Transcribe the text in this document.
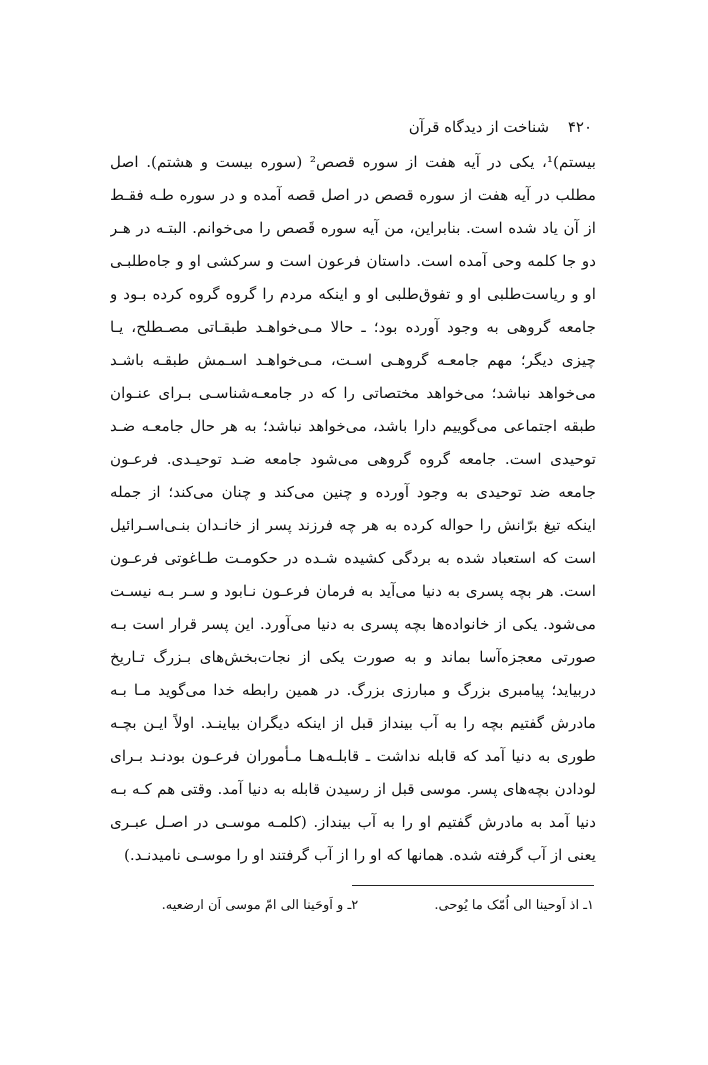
۴۲۰ شناخت از دیدگاه قرآن
بیستم)¹، یکی در آیه هفت از سوره قصص² (سوره بیست و هشتم). اصل
مطلب در آیه هفت از سوره قصص در اصل قصه آمده و در سوره طـه فقـط
از آن یاد شده است. بنابراین، من آیه سوره قَصص را می‌خوانم. البتـه در هـر
دو جا کلمه وحی آمده است. داستان فرعون است و سرکشی او و جاه‌طلبـی
او و ریاست‌طلبی او و تفوق‌طلبی او و اینکه مردم را گروه گروه کرده بـود و
جامعه گروهی به وجود آورده بود؛ ـ حالا مـی‌خواهـد طبقـاتی مصـطلح، یـا
چیزی دیگر؛ مهم جامعـه گروهـی اسـت، مـی‌خواهـد اسـمش طبقـه باشـد
می‌خواهد نباشد؛ می‌خواهد مختصاتی را که در جامعـه‌شناسـی بـرای عنـوان
طبقه اجتماعی می‌گوییم دارا باشد، می‌خواهد نباشد؛ به هر حال جامعـه ضـد
توحیدی است. جامعه گروه گروهی می‌شود جامعه ضـد توحیـدی. فرعـون
جامعه ضد توحیدی به وجود آورده و چنین می‌کند و چنان می‌کند؛ از جمله
اینکه تیغ برّانش را حواله کرده به هر چه فرزند پسر از خانـدان بنـی‌اسـرائیل
است که استعباد شده به بردگی کشیده شـده در حکومـت طـاغوتی فرعـون
است. هر بچه پسری به دنیا می‌آید به فرمان فرعـون نـابود و سـر بـه نیسـت
می‌شود. یکی از خانواده‌ها بچه پسری به دنیا می‌آورد. این پسر قرار است بـه
صورتی معجزه‌آسا بماند و به صورت یکی از نجات‌بخش‌های بـزرگ تـاریخ
دربیاید؛ پیامبری بزرگ و مبارزی بزرگ. در همین رابطه خدا می‌گوید مـا بـه
مادرش گفتیم بچه را به آب بینداز قبل از اینکه دیگران بیاینـد. اولاً ایـن بچـه
طوری به دنیا آمد که قابله نداشت ـ قابلـه‌هـا مـأموران فرعـون بودنـد بـرای
لودادن بچه‌های پسر. موسی قبل از رسیدن قابله به دنیا آمد. وقتی هم کـه بـه
دنیا آمد به مادرش گفتیم او را به آب بینداز. (کلمـه موسـی در اصـل عبـری
یعنی از آب گرفته شده. همانها که او را از آب گرفتند او را موسـی نامیدنـد.)
١ـ اذ اَوحینا الی اُمّک ما یُوحی. ٢ـ و اَوحَینا الی امّ موسی اَن ارضعیه.
